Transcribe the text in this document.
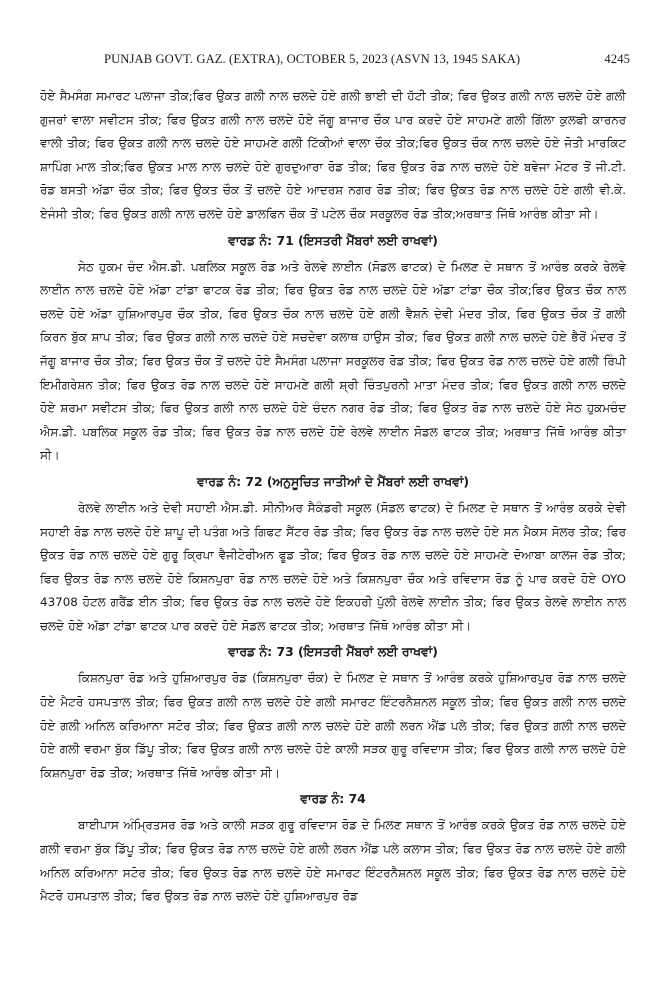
PUNJAB GOVT. GAZ. (EXTRA), OCTOBER 5, 2023 (ASVN 13, 1945 SAKA)	4245

ਹੋਏ ਸੈਮਸੰਗ ਸਮਾਰਟ ਪਲਾਜਾ ਤੀਕ;ਫਿਰ ਉਕਤ ਗਲੀ ਨਾਲ ਚਲਦੇ ਹੋਏ ਗਲੀ ਭਾਈ ਦੀ ਹੱਟੀ ਤੀਕ; ਫਿਰ ਉਕਤ ਗਲੀ ਨਾਲ ਚਲਦੇ ਹੋਏ ਗਲੀ ਗੁਜਰਾਂ ਵਾਲਾ ਸਵੀਟਸ ਤੀਕ; ਫਿਰ ਉਕਤ ਗਲੀ ਨਾਲ ਚਲਦੇ ਹੋਏ ਜੱਗੂ ਬਾਜਾਰ ਚੌਕ ਪਾਰ ਕਰਦੇ ਹੋਏ ਸਾਹਮਣੇ ਗਲੀ ਗਿੱਲਾ ਕੁਲਫੀ ਕਾਰਨਰ ਵਾਲੀ ਤੀਕ; ਫਿਰ ਉਕਤ ਗਲੀ ਨਾਲ ਚਲਦੇ ਹੋਏ ਸਾਹਮਣੇ ਗਲੀ ਟਿੱਕੀਆਂ ਵਾਲਾ ਚੌਕ ਤੀਕ;ਫਿਰ ਉਕਤ ਚੌਕ ਨਾਲ ਚਲਦੇ ਹੋਏ ਜੋਤੀ ਮਾਰਕਿਟ ਸ਼ਾਪਿੰਗ ਮਾਲ ਤੀਕ;ਫਿਰ ਉਕਤ ਮਾਲ ਨਾਲ ਚਲਦੇ ਹੋਏ ਗੁਰਦੁਆਰਾ ਰੋਡ ਤੀਕ; ਫਿਰ ਉਕਤ ਰੋਡ ਨਾਲ ਚਲਦੇ ਹੋਏ ਬਵੇਜਾ ਮੋਟਰ ਤੋਂ ਜੀ.ਟੀ. ਰੋਡ ਬਸਤੀ ਅੱਡਾ ਚੌਕ ਤੀਕ; ਫਿਰ ਉਕਤ ਚੌਕ ਤੋਂ ਚਲਦੇ ਹੋਏ ਆਦਰਸ਼ ਨਗਰ ਰੋਡ ਤੀਕ; ਫਿਰ ਉਕਤ ਰੋਡ ਨਾਲ ਚਲਦੇ ਹੋਏ ਗਲੀ ਵੀ.ਕੇ. ਏਜੰਸੀ ਤੀਕ; ਫਿਰ ਉਕਤ ਗਲੀ ਨਾਲ ਚਲਦੇ ਹੋਏ ਡਾਲਫਿਨ ਚੌਕ ਤੋਂ ਪਟੇਲ ਚੌਕ ਸਰਕੂਲਰ ਰੋਡ ਤੀਕ;ਅਰਥਾਤ ਜਿੱਥੋ ਆਰੰਭ ਕੀਤਾ ਸੀ।

ਵਾਰਡ ਨੰ: 71 (ਇਸਤਰੀ ਮੈਂਬਰਾਂ ਲਈ ਰਾਖਵਾਂ)

ਸੇਠ ਹੁਕਮ ਚੰਦ ਐਸ.ਡੀ. ਪਬਲਿਕ ਸਕੂਲ ਰੋਡ ਅਤੇ ਰੇਲਵੇ ਲਾਈਨ (ਸੋਡਲ ਫਾਟਕ) ਦੇ ਮਿਲਣ ਦੇ ਸਥਾਨ ਤੋਂ ਆਰੰਭ ਕਰਕੇ ਰੇਲਵੇ ਲਾਈਨ ਨਾਲ ਚਲਦੇ ਹੋਏ ਅੱਡਾ ਟਾਂਡਾ ਫਾਟਕ ਰੋਡ ਤੀਕ; ਫਿਰ ਉਕਤ ਰੋਡ ਨਾਲ ਚਲਦੇ ਹੋਏ ਅੱਡਾ ਟਾਂਡਾ ਚੌਕ ਤੀਕ;ਫਿਰ ਉਕਤ ਚੌਕ ਨਾਲ ਚਲਦੇ ਹੋਏ ਅੱਡਾ ਹੁਸ਼ਿਆਰਪੁਰ ਚੌਕ ਤੀਕ, ਫਿਰ ਉਕਤ ਚੌਕ ਨਾਲ ਚਲਦੇ ਹੋਏ ਗਲੀ ਵੈਸ਼ਨੋ ਦੇਵੀ ਮੰਦਰ ਤੀਕ, ਫਿਰ ਉਕਤ ਚੌਕ ਤੋਂ ਗਲੀ ਕਿਰਨ ਬੁੱਕ ਸ਼ਾਪ ਤੀਕ; ਫਿਰ ਉਕਤ ਗਲੀ ਨਾਲ ਚਲਦੇ ਹੋਏ ਸਚਦੇਵਾ ਕਲਾਥ ਹਾਉਸ ਤੀਕ; ਫਿਰ ਉਕਤ ਗਲੀ ਨਾਲ ਚਲਦੇ ਹੋਏ ਭੈਰੋਂ ਮੰਦਰ ਤੋਂ ਜੱਗੂ ਬਾਜਾਰ ਚੌਕ ਤੀਕ; ਫਿਰ ਉਕਤ ਚੌਕ ਤੋਂ ਚਲਦੇ ਹੋਏ ਸੈਮਸੰਗ ਪਲਾਜਾ ਸਰਕੂਲਰ ਰੋਡ ਤੀਕ; ਫਿਰ ਉਕਤ ਰੋਡ ਨਾਲ ਚਲਦੇ ਹੋਏ ਗਲੀ ਰਿੰਪੀ ਇਮੀਗਰੇਸ਼ਨ ਤੀਕ; ਫਿਰ ਉਕਤ ਰੋਡ ਨਾਲ ਚਲਦੇ ਹੋਏ ਸਾਹਮਣੇ ਗਲੀ ਸ਼੍ਰੀ ਚਿੰਤਪੁਰਨੀ ਮਾਤਾ ਮੰਦਰ ਤੀਕ; ਫਿਰ ਉਕਤ ਗਲੀ ਨਾਲ ਚਲਦੇ ਹੋਏ ਸ਼ਰਮਾ ਸਵੀਟਸ ਤੀਕ; ਫਿਰ ਉਕਤ ਗਲੀ ਨਾਲ ਚਲਦੇ ਹੋਏ ਚੰਦਨ ਨਗਰ ਰੋਡ ਤੀਕ; ਫਿਰ ਉਕਤ ਰੋਡ ਨਾਲ ਚਲਦੇ ਹੋਏ ਸੇਠ ਹੁਕਮਚੰਦ ਐਸ.ਡੀ. ਪਬਲਿਕ ਸਕੂਲ ਰੋਡ ਤੀਕ; ਫਿਰ ਉਕਤ ਰੋਡ ਨਾਲ ਚਲਦੇ ਹੋਏ ਰੇਲਵੇ ਲਾਈਨ ਸੋਡਲ ਫਾਟਕ ਤੀਕ; ਅਰਥਾਤ ਜਿੱਥੋ ਆਰੰਭ ਕੀਤਾ ਸੀ।

ਵਾਰਡ ਨੰ: 72 (ਅਨੁਸੂਚਿਤ ਜਾਤੀਆਂ ਦੇ ਮੈਂਬਰਾਂ ਲਈ ਰਾਖਵਾਂ)

ਰੇਲਵੇ ਲਾਈਨ ਅਤੇ ਦੇਵੀ ਸਹਾਈ ਐਸ.ਡੀ. ਸੀਨੀਅਰ ਸੈਕੰਡਰੀ ਸਕੂਲ (ਸੋਡਲ ਫਾਟਕ) ਦੇ ਮਿਲਣ ਦੇ ਸਥਾਨ ਤੋਂ ਆਰੰਭ ਕਰਕੇ ਦੇਵੀ ਸਹਾਈ ਰੋਡ ਨਾਲ ਚਲਦੇ ਹੋਏ ਸ਼ਾਪੂ ਦੀ ਪਤੰਗ ਅਤੇ ਗਿਫਟ ਸੈਂਟਰ ਰੋਡ ਤੀਕ; ਫਿਰ ਉਕਤ ਰੋਡ ਨਾਲ ਚਲਦੇ ਹੋਏ ਸਨ ਮੈਕਸ ਸੋਲਰ ਤੀਕ; ਫਿਰ ਉਕਤ ਰੋਡ ਨਾਲ ਚਲਦੇ ਹੋਏ ਗੁਰੂ ਕ੍ਰਿਪਾ ਵੈਜੀਟੇਰੀਅਨ ਫੂਡ ਤੀਕ; ਫਿਰ ਉਕਤ ਰੋਡ ਨਾਲ ਚਲਦੇ ਹੋਏ ਸਾਹਮਣੇ ਦੋਆਬਾ ਕਾਲਜ ਰੋਡ ਤੀਕ; ਫਿਰ ਉਕਤ ਰੋਡ ਨਾਲ ਚਲਦੇ ਹੋਏ ਕਿਸ਼ਨਪੁਰਾ ਰੋਡ ਨਾਲ ਚਲਦੇ ਹੋਏ ਅਤੇ ਕਿਸ਼ਨਪੁਰਾ ਚੌਕ ਅਤੇ ਰਵਿਦਾਸ ਰੋਡ ਨੂੰ ਪਾਰ ਕਰਦੇ ਹੋਏ OYO 43708 ਹੋਟਲ ਗਰੈਂਡ ਈਨ ਤੀਕ; ਫਿਰ ਉਕਤ ਰੋਡ ਨਾਲ ਚਲਦੇ ਹੋਏ ਇਕਹਰੀ ਪੁੱਲੀ ਰੇਲਵੇ ਲਾਈਨ ਤੀਕ; ਫਿਰ ਉਕਤ ਰੇਲਵੇ ਲਾਈਨ ਨਾਲ ਚਲਦੇ ਹੋਏ ਅੱਡਾ ਟਾਂਡਾ ਫਾਟਕ ਪਾਰ ਕਰਦੇ ਹੋਏ ਸੋਡਲ ਫਾਟਕ ਤੀਕ; ਅਰਥਾਤ ਜਿੱਥੋ ਆਰੰਭ ਕੀਤਾ ਸੀ।

ਵਾਰਡ ਨੰ: 73 (ਇਸਤਰੀ ਮੈਂਬਰਾਂ ਲਈ ਰਾਖਵਾਂ)

ਕਿਸ਼ਨਪੁਰਾ ਰੋਡ ਅਤੇ ਹੁਸ਼ਿਆਰਪੁਰ ਰੋਡ (ਕਿਸ਼ਨਪੁਰਾ ਚੌਕ) ਦੇ ਮਿਲਣ ਦੇ ਸਥਾਨ ਤੋਂ ਆਰੰਭ ਕਰਕੇ ਹੁਸ਼ਿਆਰਪੁਰ ਰੋਡ ਨਾਲ ਚਲਦੇ ਹੋਏ ਮੈਟਰੋ ਹਸਪਤਾਲ ਤੀਕ; ਫਿਰ ਉਕਤ ਗਲੀ ਨਾਲ ਚਲਦੇ ਹੋਏ ਗਲੀ ਸਮਾਰਟ ਇੰਟਰਨੈਸ਼ਨਲ ਸਕੂਲ ਤੀਕ; ਫਿਰ ਉਕਤ ਗਲੀ ਨਾਲ ਚਲਦੇ ਹੋਏ ਗਲੀ ਅਨਿਲ ਕਰਿਆਨਾ ਸਟੋਰ ਤੀਕ; ਫਿਰ ਉਕਤ ਗਲੀ ਨਾਲ ਚਲਦੇ ਹੋਏ ਗਲੀ ਲਰਨ ਐਂਡ ਪਲੇ ਤੀਕ; ਫਿਰ ਉਕਤ ਗਲੀ ਨਾਲ ਚਲਦੇ ਹੋਏ ਗਲੀ ਵਰਮਾ ਬੁੱਕ ਡਿੱਪੂ ਤੀਕ; ਫਿਰ ਉਕਤ ਗਲੀ ਨਾਲ ਚਲਦੇ ਹੋਏ ਕਾਲੀ ਸੜਕ ਗੁਰੂ ਰਵਿਦਾਸ ਤੀਕ; ਫਿਰ ਉਕਤ ਗਲੀ ਨਾਲ ਚਲਦੇ ਹੋਏ ਕਿਸ਼ਨਪੁਰਾ ਰੋਡ ਤੀਕ; ਅਰਥਾਤ ਜਿੱਥੋ ਆਰੰਭ ਕੀਤਾ ਸੀ।

ਵਾਰਡ ਨੰ: 74

ਬਾਈਪਾਸ ਅੰਮ੍ਰਿਤਸਰ ਰੋਡ ਅਤੇ ਕਾਲੀ ਸੜਕ ਗੁਰੂ ਰਵਿਦਾਸ ਰੋਡ ਦੇ ਮਿਲਣ ਸਥਾਨ ਤੋਂ ਆਰੰਭ ਕਰਕੇ ਉਕਤ ਰੋਡ ਨਾਲ ਚਲਦੇ ਹੋਏ ਗਲੀ ਵਰਮਾ ਬੁੱਕ ਡਿੱਪੂ ਤੀਕ; ਫਿਰ ਉਕਤ ਰੋਡ ਨਾਲ ਚਲਦੇ ਹੋਏ ਗਲੀ ਲਰਨ ਐਂਡ ਪਲੇ ਕਲਾਸ ਤੀਕ; ਫਿਰ ਉਕਤ ਰੋਡ ਨਾਲ ਚਲਦੇ ਹੋਏ ਗਲੀ ਅਨਿਲ ਕਰਿਆਨਾ ਸਟੋਰ ਤੀਕ; ਫਿਰ ਉਕਤ ਰੋਡ ਨਾਲ ਚਲਦੇ ਹੋਏ ਸਮਾਰਟ ਇੰਟਰਨੈਸ਼ਨਲ ਸਕੂਲ ਤੀਕ; ਫਿਰ ਉਕਤ ਰੋਡ ਨਾਲ ਚਲਦੇ ਹੋਏ ਮੈਟਰੋ ਹਸਪਤਾਲ ਤੀਕ; ਫਿਰ ਉਕਤ ਰੋਡ ਨਾਲ ਚਲਦੇ ਹੋਏ ਹੁਸ਼ਿਆਰਪੁਰ ਰੋਡ
